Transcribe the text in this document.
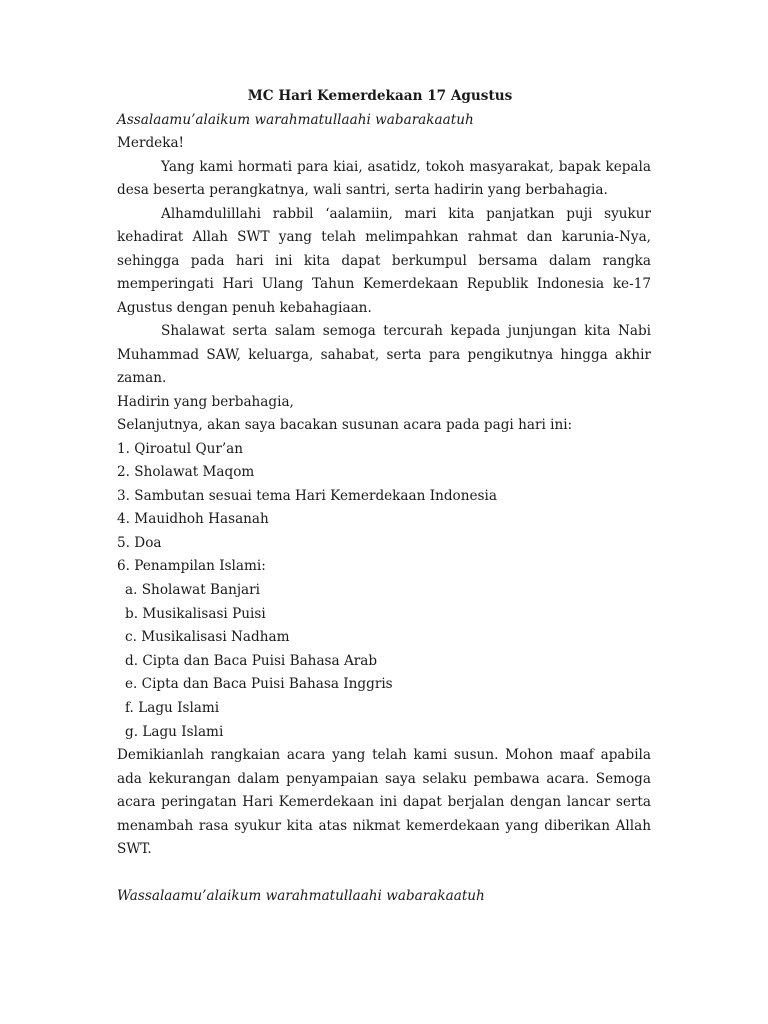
MC Hari Kemerdekaan 17 Agustus

Assalaamu’alaikum warahmatullaahi wabarakaatuh

Merdeka!

Yang kami hormati para kiai, asatidz, tokoh masyarakat, bapak kepala desa beserta perangkatnya, wali santri, serta hadirin yang berbahagia.

Alhamdulillahi rabbil ‘aalamiin, mari kita panjatkan puji syukur kehadirat Allah SWT yang telah melimpahkan rahmat dan karunia-Nya, sehingga pada hari ini kita dapat berkumpul bersama dalam rangka memperingati Hari Ulang Tahun Kemerdekaan Republik Indonesia ke-17 Agustus dengan penuh kebahagiaan.

Shalawat serta salam semoga tercurah kepada junjungan kita Nabi Muhammad SAW, keluarga, sahabat, serta para pengikutnya hingga akhir zaman.

Hadirin yang berbahagia,

Selanjutnya, akan saya bacakan susunan acara pada pagi hari ini:

1. Qiroatul Qur’an

2. Sholawat Maqom

3. Sambutan sesuai tema Hari Kemerdekaan Indonesia

4. Mauidhoh Hasanah

5. Doa

6. Penampilan Islami:

a. Sholawat Banjari

b. Musikalisasi Puisi

c. Musikalisasi Nadham

d. Cipta dan Baca Puisi Bahasa Arab

e. Cipta dan Baca Puisi Bahasa Inggris

f. Lagu Islami

g. Lagu Islami

Demikianlah rangkaian acara yang telah kami susun. Mohon maaf apabila ada kekurangan dalam penyampaian saya selaku pembawa acara. Semoga acara peringatan Hari Kemerdekaan ini dapat berjalan dengan lancar serta menambah rasa syukur kita atas nikmat kemerdekaan yang diberikan Allah SWT.

Wassalaamu’alaikum warahmatullaahi wabarakaatuh
